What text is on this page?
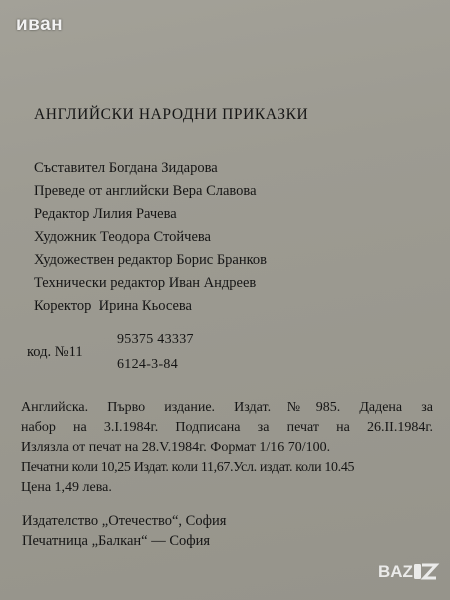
иван
АНГЛИЙСКИ НАРОДНИ ПРИКАЗКИ
Съставител Богдана Зидарова
Преведе от английски Вера Славова
Редактор Лилия Рачева
Художник Теодора Стойчева
Художествен редактор Борис Бранков
Технически редактор Иван Андреев
Коректор  Ирина Кьосева
код. №11
95375 43337
6124-3-84
Английска. Първо издание. Издат.№985. Дадена за
набор на 3.I.1984г. Подписана за печат на 26.II.1984г.
Излязла от печат на 28.V.1984г. Формат 1/16 70/100.
Печатни коли 10,25 Издат. коли 11,67.Усл. издат. коли 10.45
Цена 1,49 лева.
Издателство „Отечество“, София
Печатница „Балкан“ — София
BAZ
